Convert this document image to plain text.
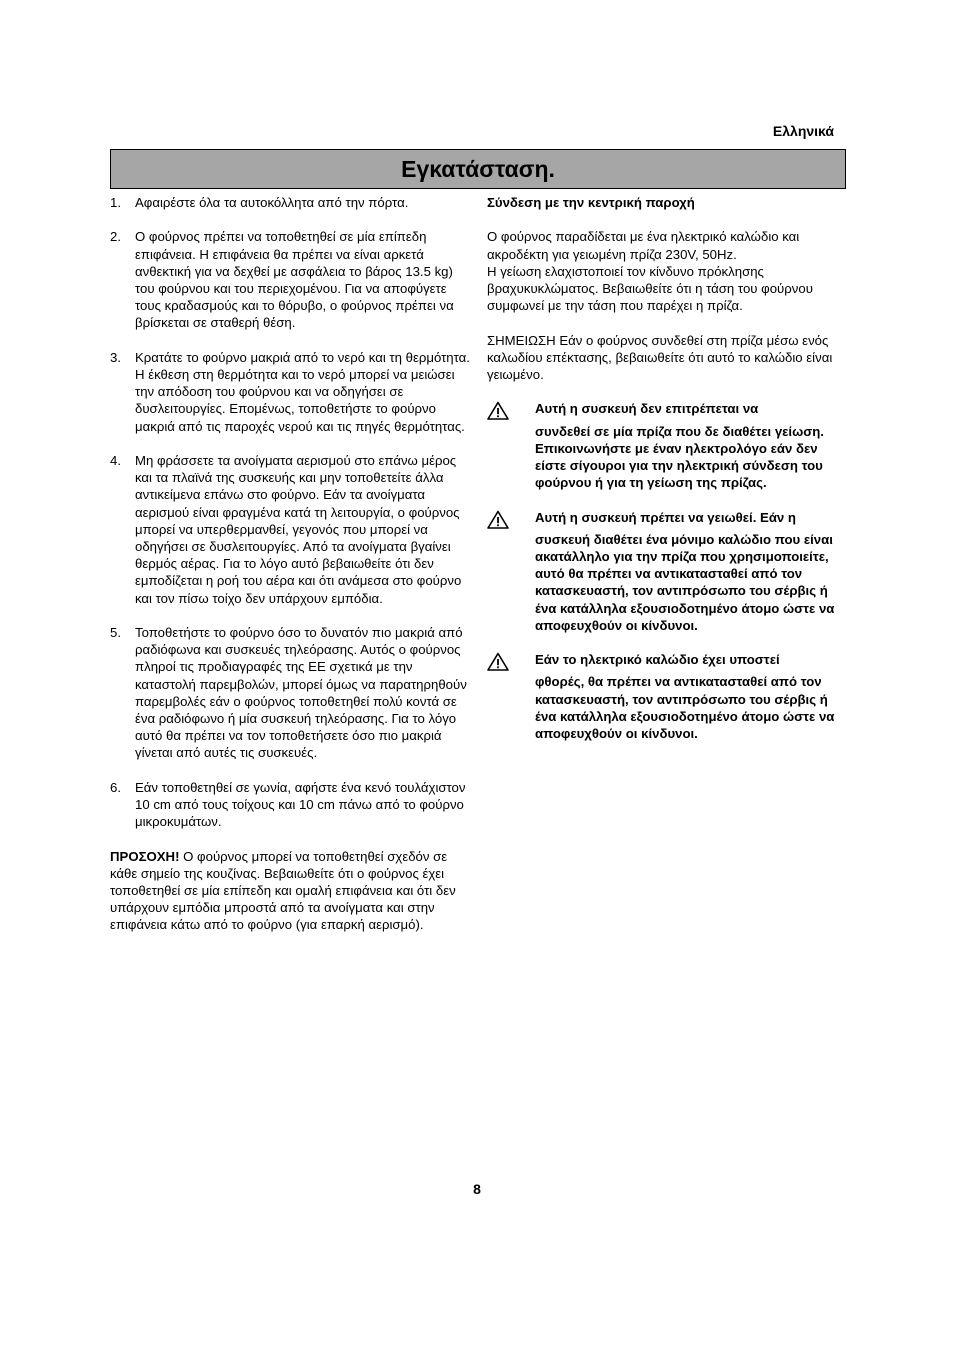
Ελληνικά
Εγκατάσταση.
1.	Αφαιρέστε όλα τα αυτοκόλλητα από την πόρτα.
2.	Ο φούρνος πρέπει να τοποθετηθεί σε μία επίπεδη επιφάνεια. Η επιφάνεια θα πρέπει να είναι αρκετά ανθεκτική για να δεχθεί με ασφάλεια το βάρος 13.5 kg) του φούρνου και του περιεχομένου. Για να αποφύγετε τους κραδασμούς και το θόρυβο, ο φούρνος πρέπει να βρίσκεται σε σταθερή θέση.
3.	Κρατάτε το φούρνο μακριά από το νερό και τη θερμότητα. Η έκθεση στη θερμότητα και το νερό μπορεί να μειώσει την απόδοση του φούρνου και να οδηγήσει σε δυσλειτουργίες. Επομένως, τοποθετήστε το φούρνο μακριά από τις παροχές νερού και τις πηγές θερμότητας.
4.	Μη φράσσετε τα ανοίγματα αερισμού στο επάνω μέρος και τα πλαϊνά της συσκευής και μην τοποθετείτε άλλα αντικείμενα επάνω στο φούρνο. Εάν τα ανοίγματα αερισμού είναι φραγμένα κατά τη λειτουργία, ο φούρνος μπορεί να υπερθερμανθεί, γεγονός που μπορεί να οδηγήσει σε δυσλειτουργίες. Από τα ανοίγματα βγαίνει θερμός αέρας. Για το λόγο αυτό βεβαιωθείτε ότι δεν εμποδίζεται η ροή του αέρα και ότι ανάμεσα στο φούρνο και τον πίσω τοίχο δεν υπάρχουν εμπόδια.
5.	Τοποθετήστε το φούρνο όσο το δυνατόν πιο μακριά από ραδιόφωνα και συσκευές τηλεόρασης. Αυτός ο φούρνος πληροί τις προδιαγραφές της ΕΕ σχετικά με την καταστολή παρεμβολών, μπορεί όμως να παρατηρηθούν παρεμβολές εάν ο φούρνος τοποθετηθεί πολύ κοντά σε ένα ραδιόφωνο ή μία συσκευή τηλεόρασης. Για το λόγο αυτό θα πρέπει να τον τοποθετήσετε όσο πιο μακριά γίνεται από αυτές τις συσκευές.
6.	Εάν τοποθετηθεί σε γωνία, αφήστε ένα κενό τουλάχιστον 10 cm από τους τοίχους και 10 cm πάνω από το φούρνο μικροκυμάτων.

ΠΡΟΣΟΧΗ! Ο φούρνος μπορεί να τοποθετηθεί σχεδόν σε κάθε σημείο της κουζίνας. Βεβαιωθείτε ότι ο φούρνος έχει τοποθετηθεί σε μία επίπεδη και ομαλή επιφάνεια και ότι δεν υπάρχουν εμπόδια μπροστά από τα ανοίγματα και στην επιφάνεια κάτω από το φούρνο (για επαρκή αερισμό).

Σύνδεση με την κεντρική παροχή

Ο φούρνος παραδίδεται με ένα ηλεκτρικό καλώδιο και ακροδέκτη για γειωμένη πρίζα 230V, 50Hz.
Η γείωση ελαχιστοποιεί τον κίνδυνο πρόκλησης βραχυκυκλώματος. Βεβαιωθείτε ότι η τάση του φούρνου συμφωνεί με την τάση που παρέχει η πρίζα.

ΣΗΜΕΙΩΣΗ Εάν ο φούρνος συνδεθεί στη πρίζα μέσω ενός καλωδίου επέκτασης, βεβαιωθείτε ότι αυτό το καλώδιο είναι γειωμένο.

Αυτή η συσκευή δεν επιτρέπεται να
συνδεθεί σε μία πρίζα που δε διαθέτει γείωση. Επικοινωνήστε με έναν ηλεκτρολόγο εάν δεν είστε σίγουροι για την ηλεκτρική σύνδεση του φούρνου ή για τη γείωση της πρίζας.
Αυτή η συσκευή πρέπει να γειωθεί. Εάν η
συσκευή διαθέτει ένα μόνιμο καλώδιο που είναι ακατάλληλο για την πρίζα που χρησιμοποιείτε, αυτό θα πρέπει να αντικατασταθεί από τον κατασκευαστή, τον αντιπρόσωπο του σέρβις ή ένα κατάλληλα εξουσιοδοτημένο άτομο ώστε να αποφευχθούν οι κίνδυνοι.
Εάν το ηλεκτρικό καλώδιο έχει υποστεί
φθορές, θα πρέπει να αντικατασταθεί από τον κατασκευαστή, τον αντιπρόσωπο του σέρβις ή ένα κατάλληλα εξουσιοδοτημένο άτομο ώστε να αποφευχθούν οι κίνδυνοι.
8
